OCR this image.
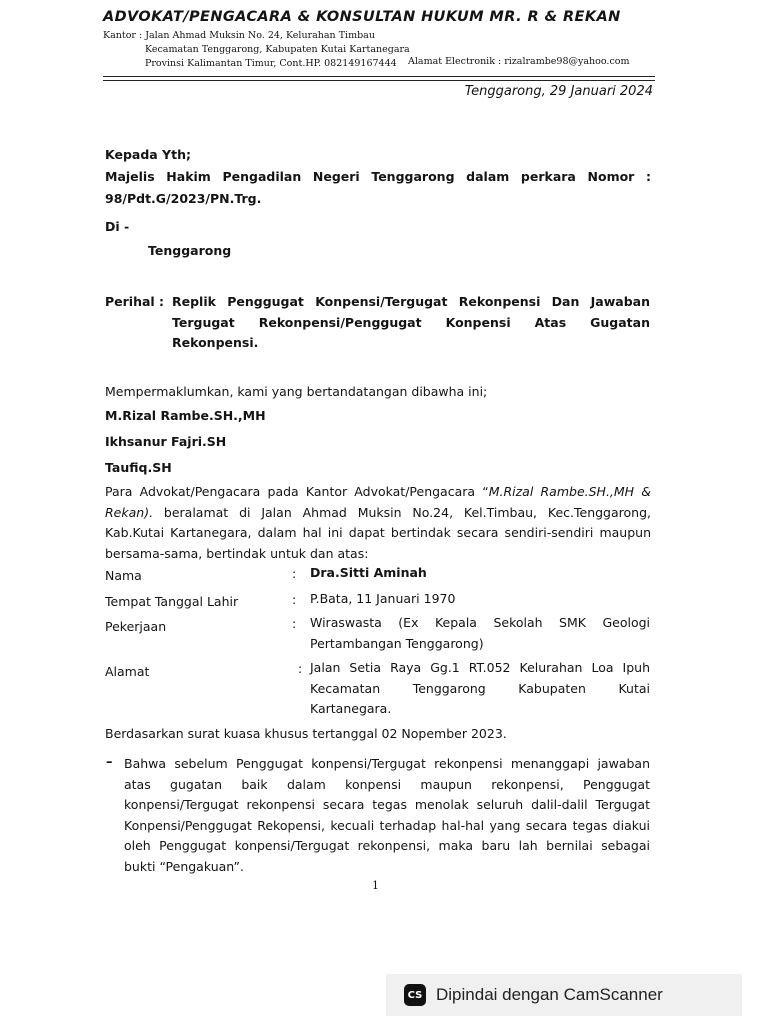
ADVOKAT/PENGACARA & KONSULTAN HUKUM MR. R & REKAN
Kantor : Jalan Ahmad Muksin No. 24, Kelurahan Timbau
Kecamatan Tenggarong, Kabupaten Kutai Kartanegara
Provinsi Kalimantan Timur, Cont.HP. 082149167444 Alamat Electronik : rizalrambe98@yahoo.com
Tenggarong, 29 Januari 2024
Kepada Yth;
Majelis Hakim Pengadilan Negeri Tenggarong dalam perkara Nomor :
98/Pdt.G/2023/PN.Trg.
Di -
Tenggarong
Perihal : Replik Penggugat Konpensi/Tergugat Rekonpensi Dan Jawaban
Tergugat Rekonpensi/Penggugat Konpensi Atas Gugatan
Rekonpensi.
Mempermaklumkan, kami yang bertandatangan dibawha ini;
M.Rizal Rambe.SH.,MH
Ikhsanur Fajri.SH
Taufiq.SH
Para Advokat/Pengacara pada Kantor Advokat/Pengacara “M.Rizal Rambe.SH.,MH &
Rekan). beralamat di Jalan Ahmad Muksin No.24, Kel.Timbau, Kec.Tenggarong,
Kab.Kutai Kartanegara, dalam hal ini dapat bertindak secara sendiri-sendiri maupun
bersama-sama, bertindak untuk dan atas:
Nama	: Dra.Sitti Aminah
Tempat Tanggal Lahir	: P.Bata, 11 Januari 1970
Pekerjaan	: Wiraswasta (Ex Kepala Sekolah SMK Geologi
Pertambangan Tenggarong)
Alamat	: Jalan Setia Raya Gg.1 RT.052 Kelurahan Loa Ipuh
Kecamatan Tenggarong Kabupaten Kutai
Kartanegara.
Berdasarkan surat kuasa khusus tertanggal 02 Nopember 2023.
– Bahwa sebelum Penggugat konpensi/Tergugat rekonpensi menanggapi jawaban
atas gugatan baik dalam konpensi maupun rekonpensi, Penggugat
konpensi/Tergugat rekonpensi secara tegas menolak seluruh dalil-dalil Tergugat
Konpensi/Penggugat Rekopensi, kecuali terhadap hal-hal yang secara tegas diakui
oleh Penggugat konpensi/Tergugat rekonpensi, maka baru lah bernilai sebagai
bukti “Pengakuan”.
1
CS Dipindai dengan CamScanner
